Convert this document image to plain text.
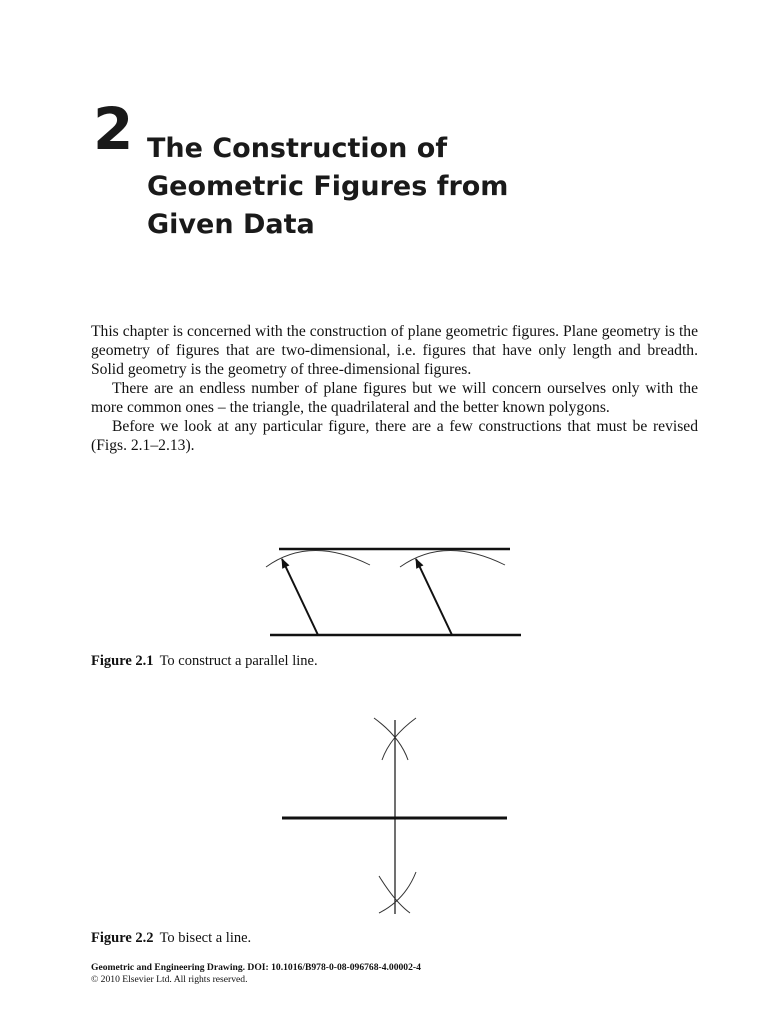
2 The Construction of
Geometric Figures from
Given Data

This chapter is concerned with the construction of plane geometric figures. Plane geometry is the geometry of figures that are two-dimensional, i.e. figures that have only length and breadth. Solid geometry is the geometry of three-dimensional figures.

There are an endless number of plane figures but we will concern ourselves only with the more common ones – the triangle, the quadrilateral and the better known polygons.

Before we look at any particular figure, there are a few constructions that must be revised (Figs. 2.1–2.13).

Figure 2.1 To construct a parallel line.
Figure 2.2 To bisect a line.
Geometric and Engineering Drawing. DOI: 10.1016/B978-0-08-096768-4.00002-4
© 2010 Elsevier Ltd. All rights reserved.
